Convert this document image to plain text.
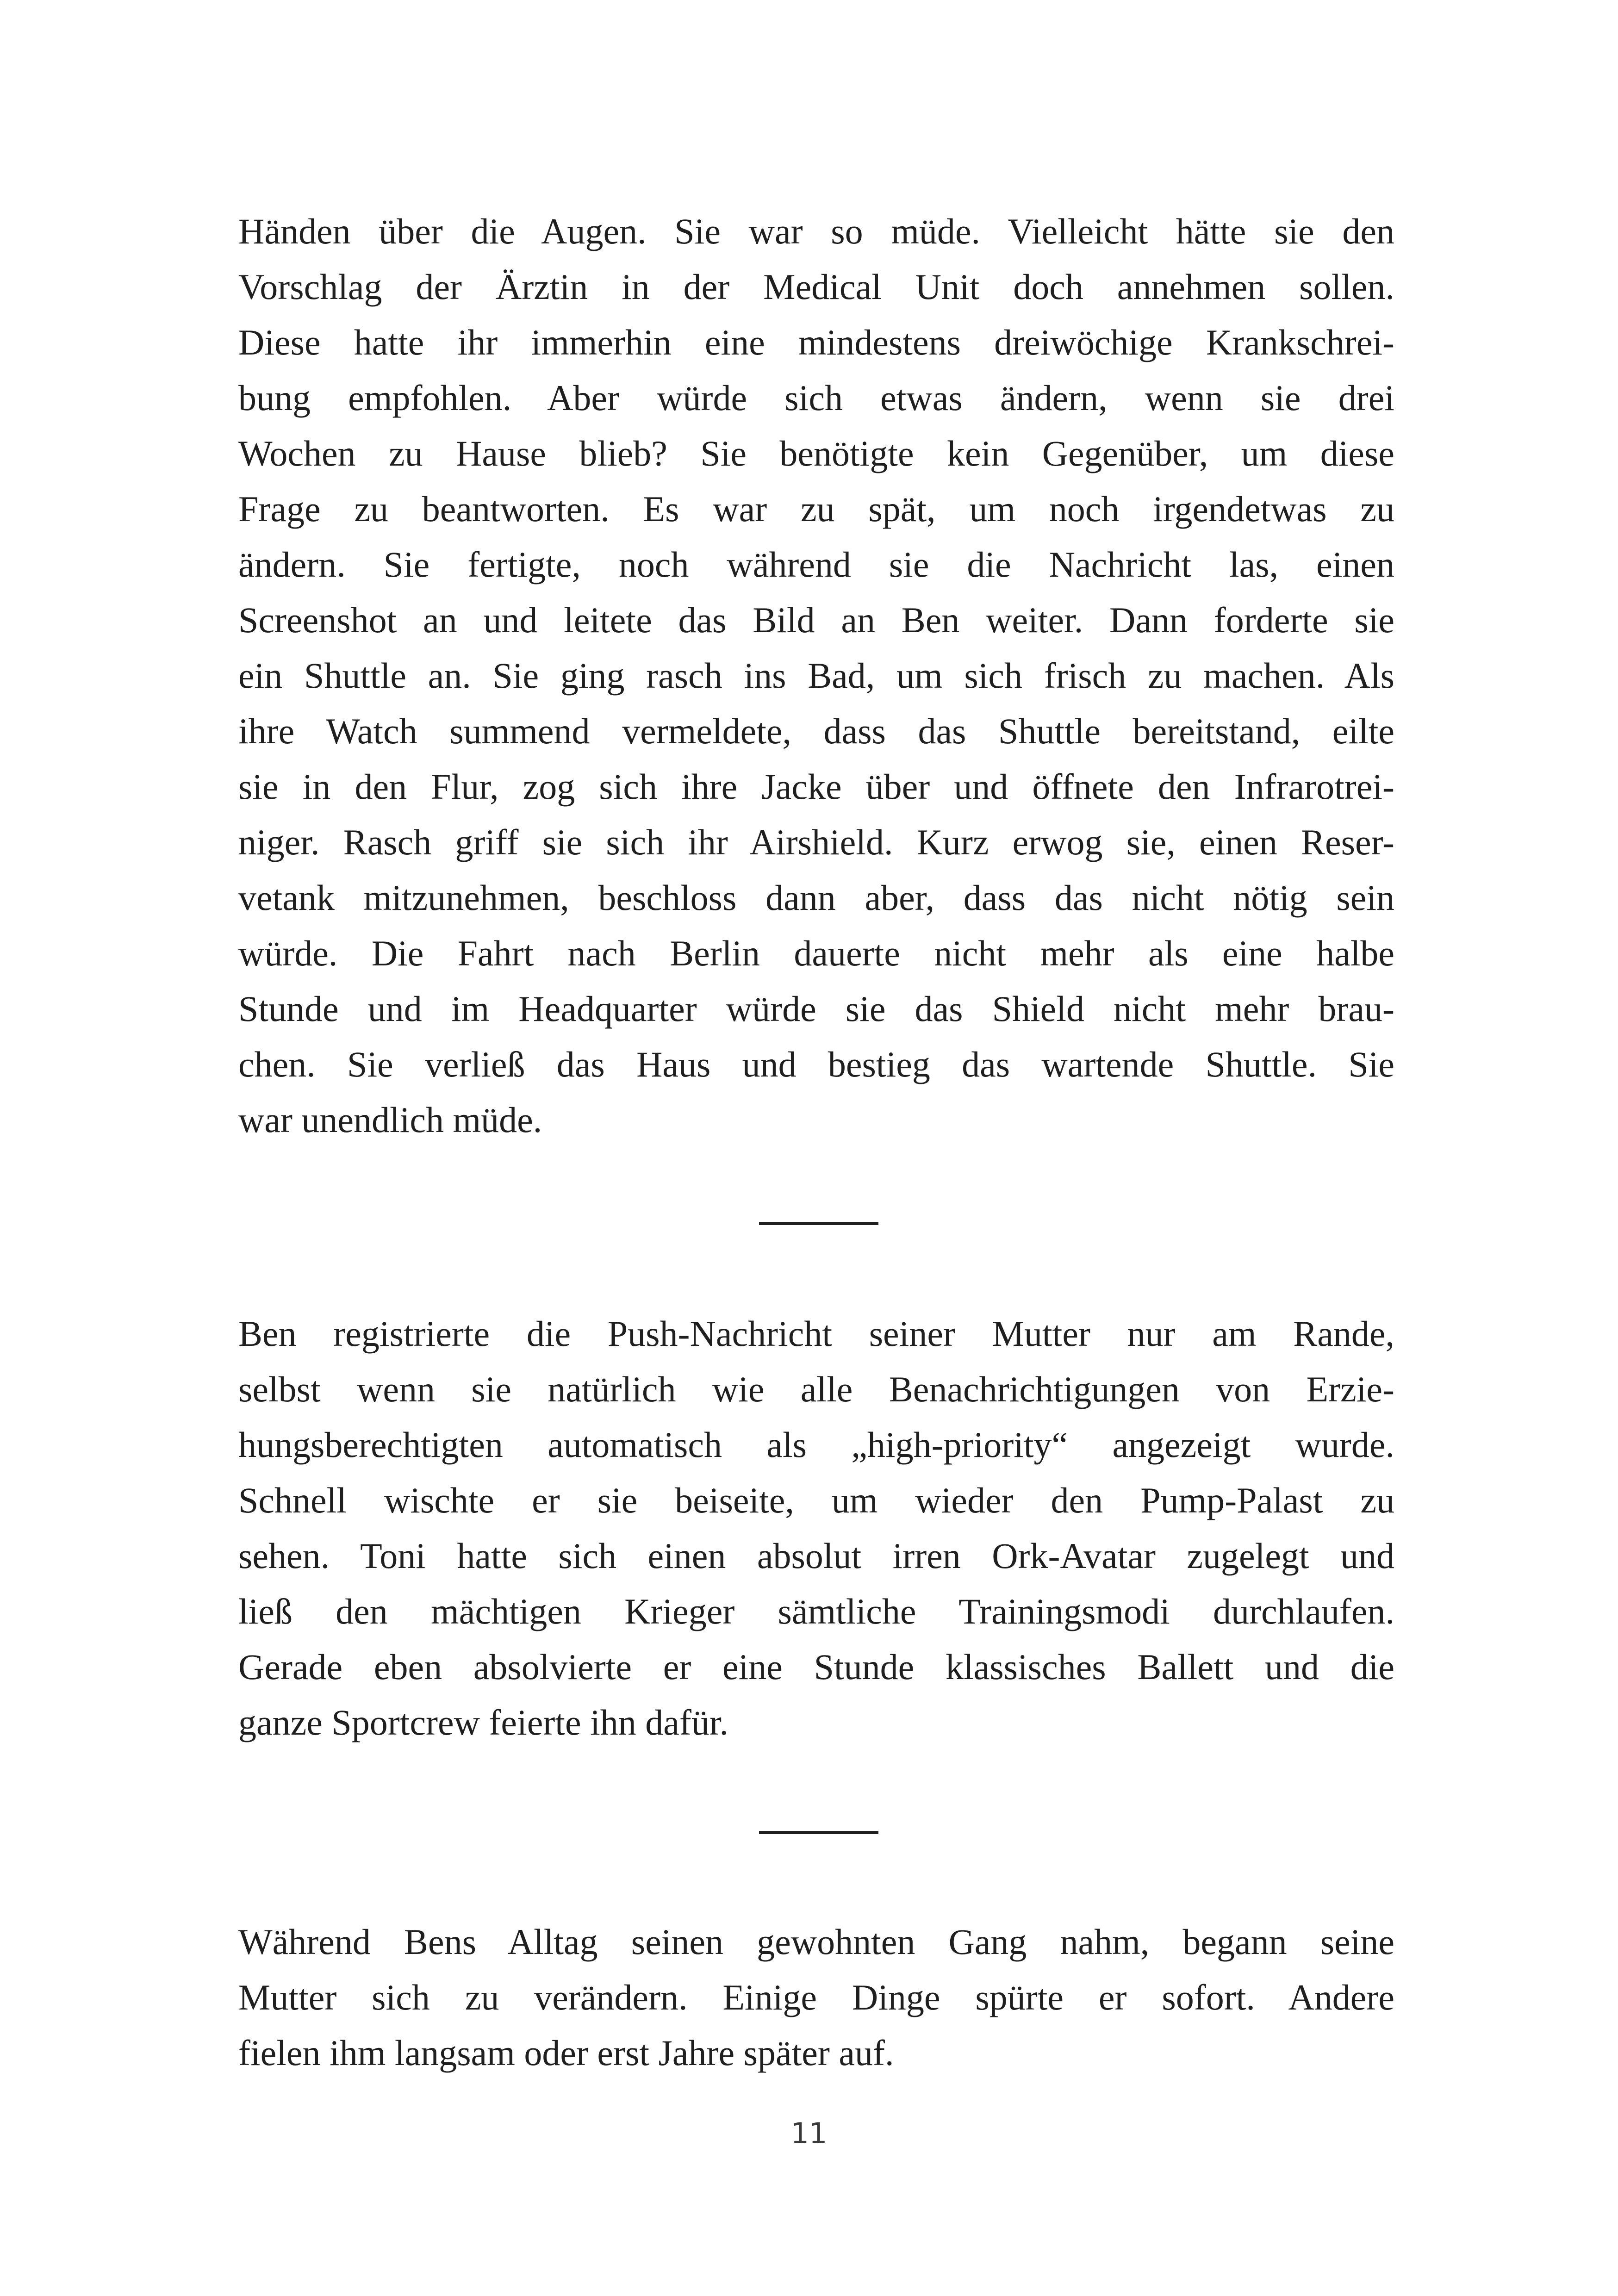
Händen über die Augen. Sie war so müde. Vielleicht hätte sie den
Vorschlag der Ärztin in der Medical Unit doch annehmen sollen.
Diese hatte ihr immerhin eine mindestens dreiwöchige Krankschrei-
bung empfohlen. Aber würde sich etwas ändern, wenn sie drei
Wochen zu Hause blieb? Sie benötigte kein Gegenüber, um diese
Frage zu beantworten. Es war zu spät, um noch irgendetwas zu
ändern. Sie fertigte, noch während sie die Nachricht las, einen
Screenshot an und leitete das Bild an Ben weiter. Dann forderte sie
ein Shuttle an. Sie ging rasch ins Bad, um sich frisch zu machen. Als
ihre Watch summend vermeldete, dass das Shuttle bereitstand, eilte
sie in den Flur, zog sich ihre Jacke über und öffnete den Infrarotrei-
niger. Rasch griff sie sich ihr Airshield. Kurz erwog sie, einen Reser-
vetank mitzunehmen, beschloss dann aber, dass das nicht nötig sein
würde. Die Fahrt nach Berlin dauerte nicht mehr als eine halbe
Stunde und im Headquarter würde sie das Shield nicht mehr brau-
chen. Sie verließ das Haus und bestieg das wartende Shuttle. Sie
war unendlich müde.
Ben registrierte die Push-Nachricht seiner Mutter nur am Rande,
selbst wenn sie natürlich wie alle Benachrichtigungen von Erzie-
hungsberechtigten automatisch als „high-priority“ angezeigt wurde.
Schnell wischte er sie beiseite, um wieder den Pump-Palast zu
sehen. Toni hatte sich einen absolut irren Ork-Avatar zugelegt und
ließ den mächtigen Krieger sämtliche Trainingsmodi durchlaufen.
Gerade eben absolvierte er eine Stunde klassisches Ballett und die
ganze Sportcrew feierte ihn dafür.
Während Bens Alltag seinen gewohnten Gang nahm, begann seine
Mutter sich zu verändern. Einige Dinge spürte er sofort. Andere
fielen ihm langsam oder erst Jahre später auf.
11
